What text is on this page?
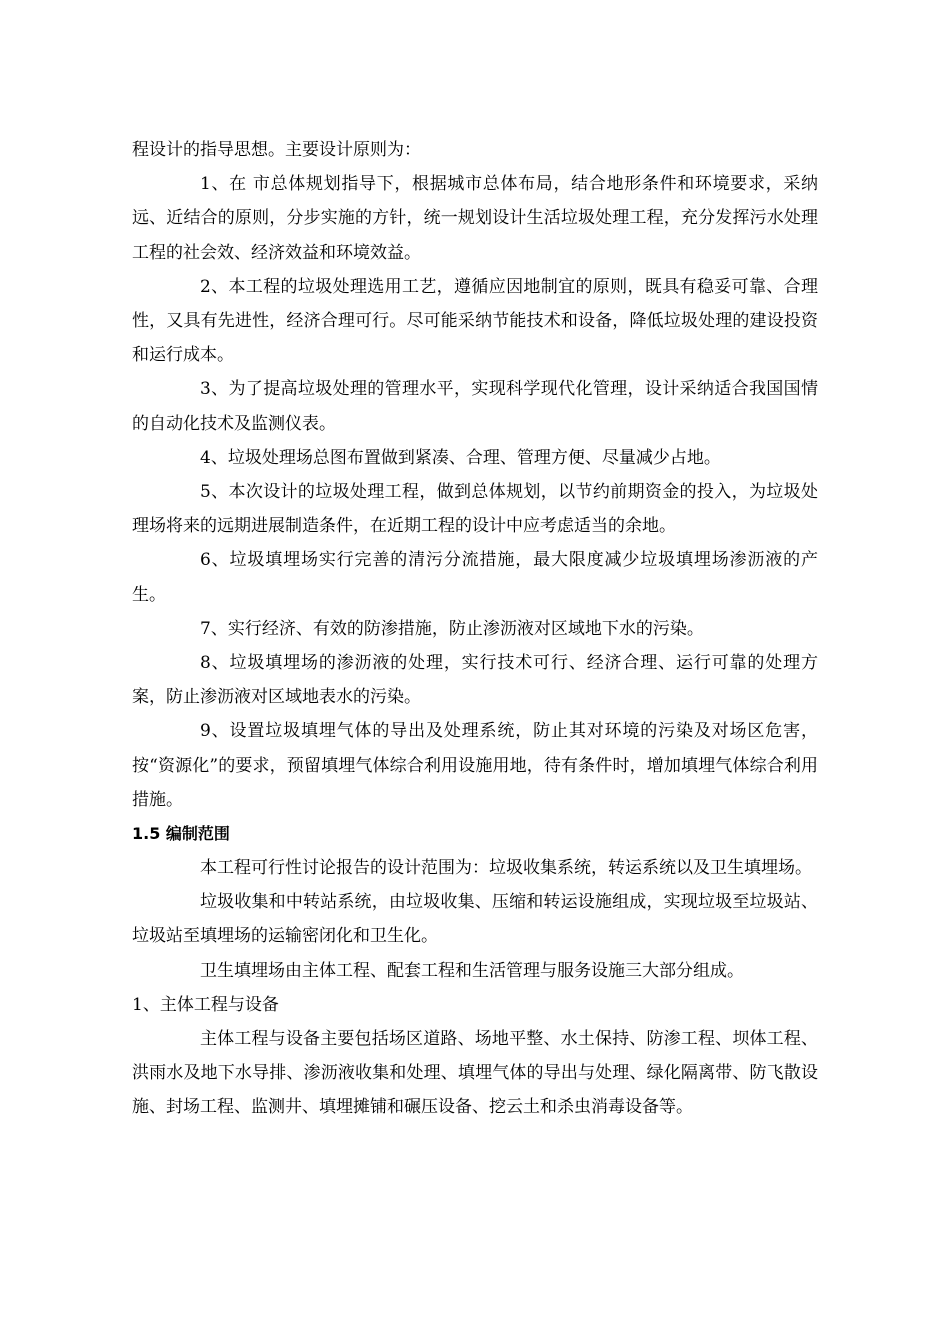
程设计的指导思想。主要设计原则为：

1、在 市总体规划指导下，根据城市总体布局，结合地形条件和环境要求，采纳远、近结合的原则，分步实施的方针，统一规划设计生活垃圾处理工程，充分发挥污水处理工程的社会效、经济效益和环境效益。

2、本工程的垃圾处理选用工艺，遵循应因地制宜的原则，既具有稳妥可靠、合理性，又具有先进性，经济合理可行。尽可能采纳节能技术和设备，降低垃圾处理的建设投资和运行成本。

3、为了提高垃圾处理的管理水平，实现科学现代化管理，设计采纳适合我国国情的自动化技术及监测仪表。

4、垃圾处理场总图布置做到紧凑、合理、管理方便、尽量减少占地。

5、本次设计的垃圾处理工程，做到总体规划，以节约前期资金的投入，为垃圾处理场将来的远期进展制造条件，在近期工程的设计中应考虑适当的余地。

6、垃圾填埋场实行完善的清污分流措施，最大限度减少垃圾填埋场渗沥液的产生。

7、实行经济、有效的防渗措施，防止渗沥液对区域地下水的污染。

8、垃圾填埋场的渗沥液的处理，实行技术可行、经济合理、运行可靠的处理方案，防止渗沥液对区域地表水的污染。

9、设置垃圾填埋气体的导出及处理系统，防止其对环境的污染及对场区危害，按“资源化”的要求，预留填埋气体综合利用设施用地，待有条件时，增加填埋气体综合利用措施。

1.5 编制范围

本工程可行性讨论报告的设计范围为：垃圾收集系统，转运系统以及卫生填埋场。

垃圾收集和中转站系统，由垃圾收集、压缩和转运设施组成，实现垃圾至垃圾站、垃圾站至填埋场的运输密闭化和卫生化。

卫生填埋场由主体工程、配套工程和生活管理与服务设施三大部分组成。

1、主体工程与设备

主体工程与设备主要包括场区道路、场地平整、水土保持、防渗工程、坝体工程、洪雨水及地下水导排、渗沥液收集和处理、填埋气体的导出与处理、绿化隔离带、防飞散设施、封场工程、监测井、填埋摊铺和碾压设备、挖云土和杀虫消毒设备等。
